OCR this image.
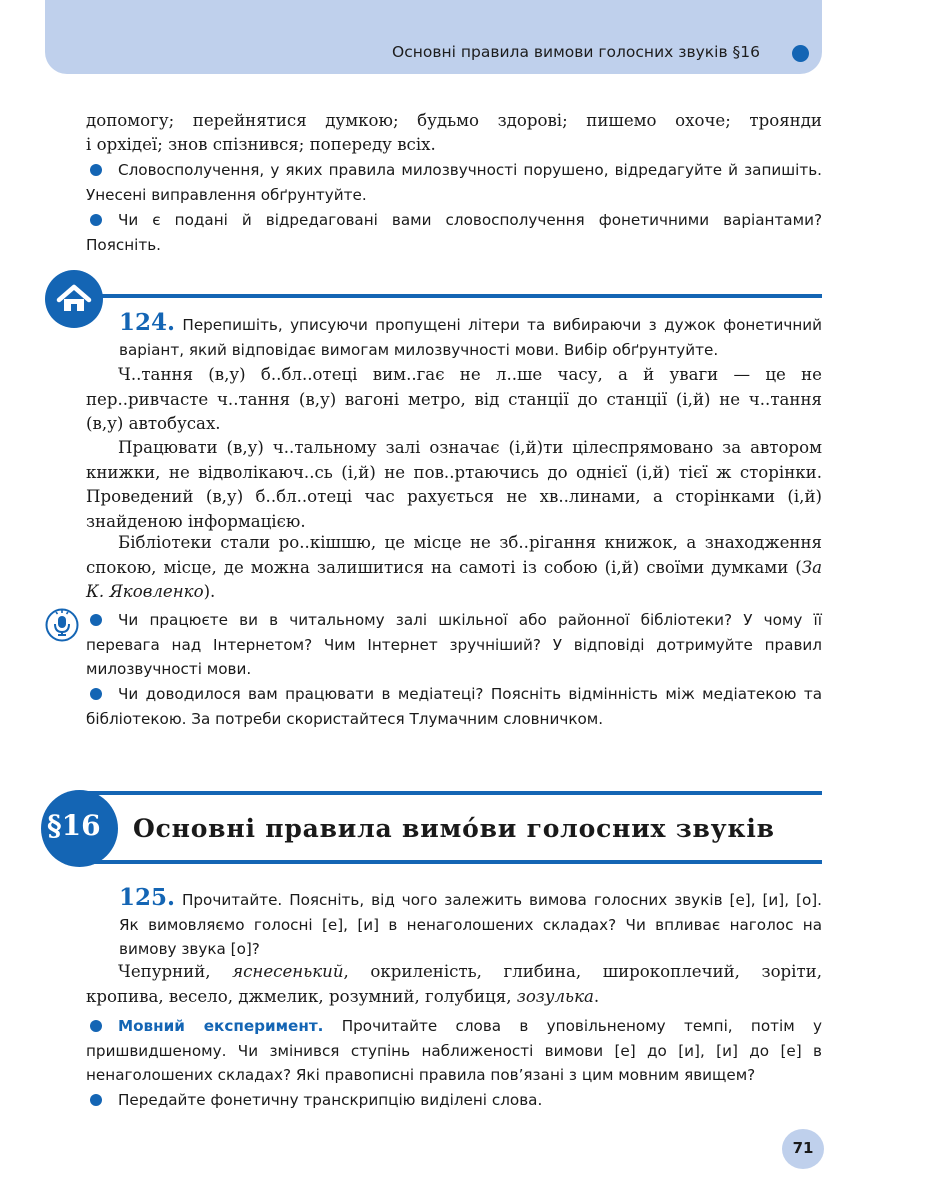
Основні правила вимови голосних звуків §16
допомогу; перейнятися думкою; будьмо здорові; пишемо охоче; троянди
і орхідеї; знов спізнився; попереду всіх.
Словосполучення, у яких правила милозвучності порушено, відредагуйте й запишіть. Унесені виправлення обґрунтуйте.
Чи є подані й відредаговані вами словосполучення фонетичними варіантами? Поясніть.
124. Перепишіть, уписуючи пропущені літери та вибираючи з дужок фонетичний варіант, який відповідає вимогам милозвучності мови. Вибір обґрунтуйте.
Ч..тання (в,у) б..бл..отеці вим..гає не л..ше часу, а й уваги — це не пер..ривчасте ч..тання (в,у) вагоні метро, від станції до станції (і,й) не ч..тання (в,у) автобусах.
Працювати (в,у) ч..тальному залі означає (і,й)ти цілеспрямовано за автором книжки, не відволікаюч..сь (і,й) не пов..ртаючись до однієї (і,й) тієї ж сторінки. Проведений (в,у) б..бл..отеці час рахується не хв..линами, а сторінками (і,й) знайденою інформацією.
Бібліотеки стали ро..кішшю, це місце не зб..рігання книжок, а знаходження спокою, місце, де можна залишитися на самоті із собою (і,й) своїми думками (За К. Яковленко).
Чи працюєте ви в читальному залі шкільної або районної бібліотеки? У чому її перевага над Інтернетом? Чим Інтернет зручніший? У відповіді дотримуйте правил милозвучності мови.
Чи доводилося вам працювати в медіатеці? Поясніть відмінність між медіатекою та бібліотекою. За потреби скористайтеся Тлумачним словничком.
§16	Основні правила вимо́ви голосних звуків
125. Прочитайте. Поясніть, від чого залежить вимова голосних звуків [е], [и], [о]. Як вимовляємо голосні [е], [и] в ненаголошених складах? Чи впливає наголос на вимову звука [о]?
Чепурний, яснесенький, окриленість, глибина, широкоплечий, зоріти, кропива, весело, джмелик, розумний, голубиця, зозулька.
Мовний експеримент. Прочитайте слова в уповільненому темпі, потім у пришвидшеному. Чи змінився ступінь наближеності вимови [е] до [и], [и] до [е] в ненаголошених складах? Які правописні правила пов’язані з цим мовним явищем?
Передайте фонетичну транскрипцію виділені слова.
71
